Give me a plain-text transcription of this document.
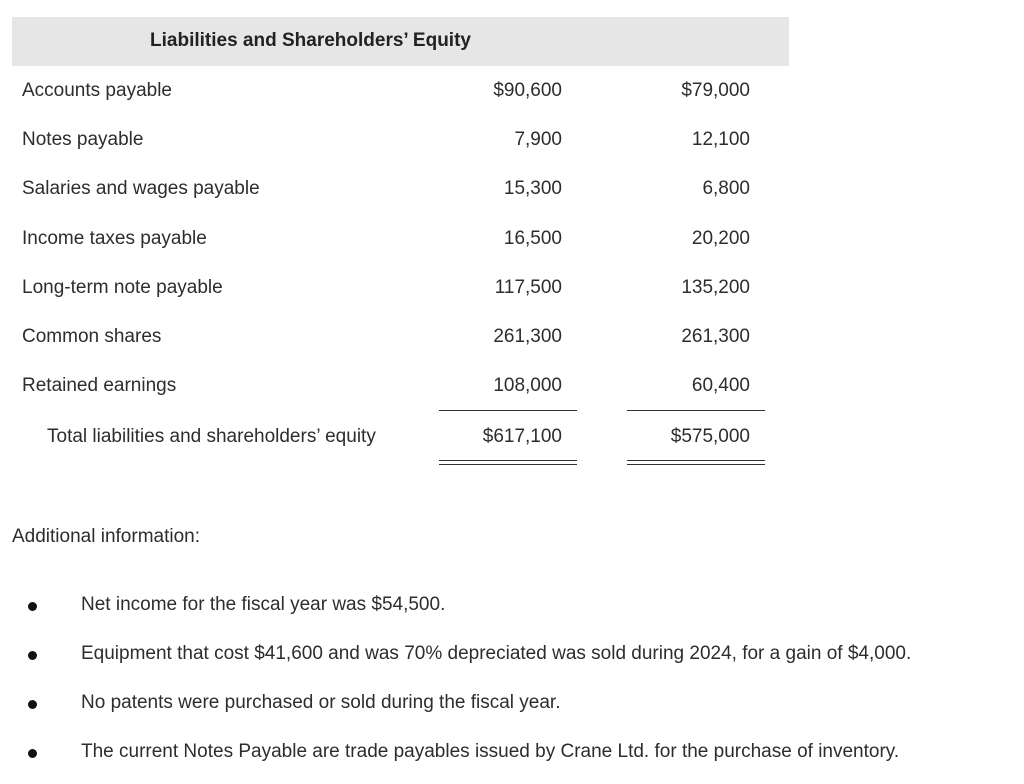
Liabilities and Shareholders’ Equity
Accounts payable	$90,600	$79,000
Notes payable	7,900	12,100
Salaries and wages payable	15,300	6,800
Income taxes payable	16,500	20,200
Long-term note payable	117,500	135,200
Common shares	261,300	261,300
Retained earnings	108,000	60,400
Total liabilities and shareholders’ equity	$617,100	$575,000
Additional information:
Net income for the fiscal year was $54,500.
Equipment that cost $41,600 and was 70% depreciated was sold during 2024, for a gain of $4,000.
No patents were purchased or sold during the fiscal year.
The current Notes Payable are trade payables issued by Crane Ltd. for the purchase of inventory.
